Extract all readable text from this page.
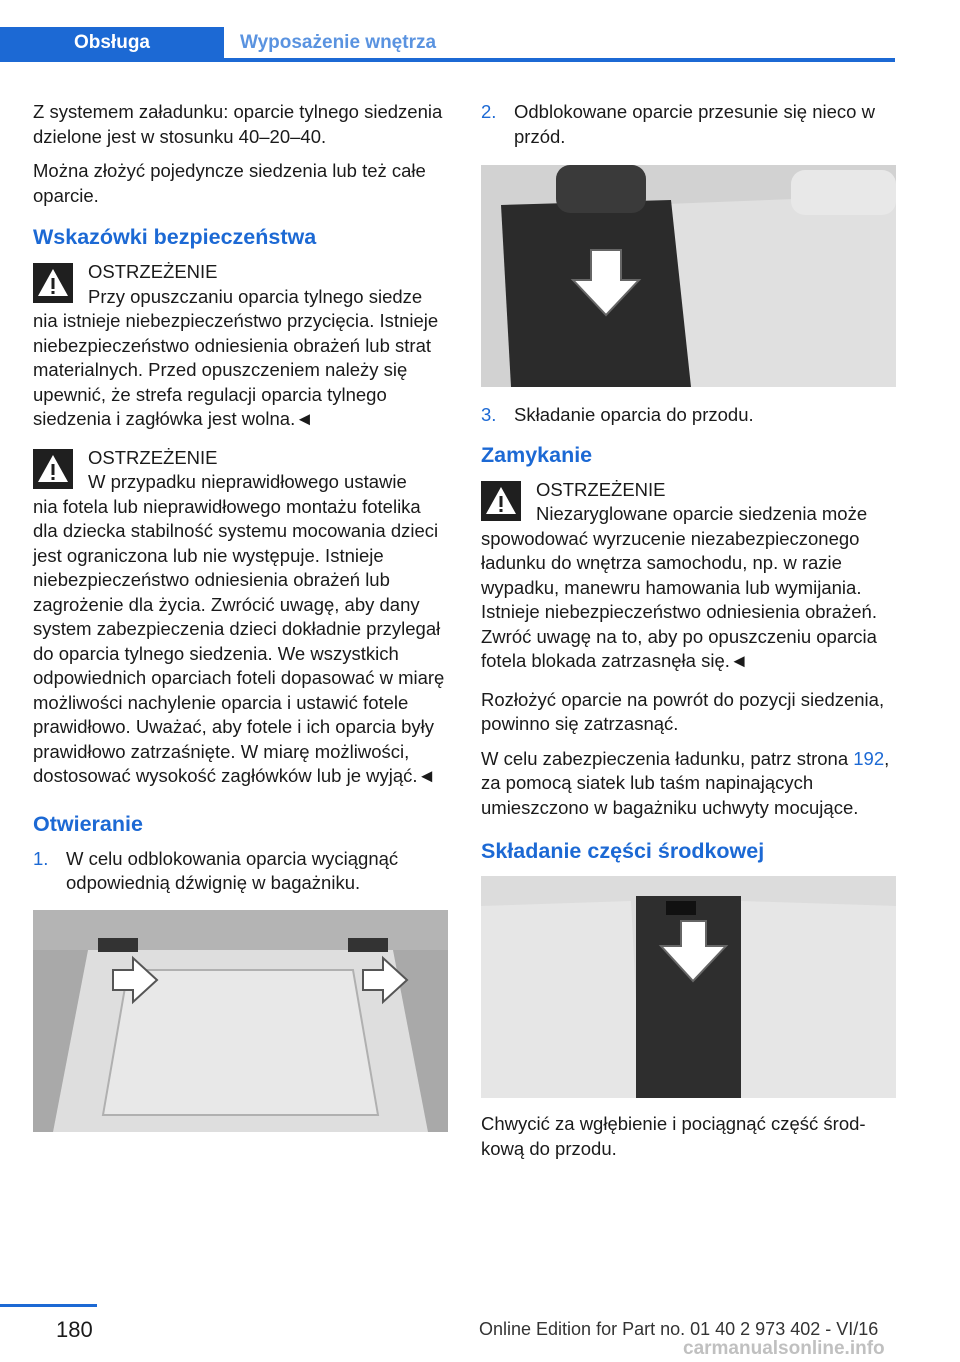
Obsługa	Wyposażenie wnętrza

Z systemem załadunku: oparcie tylnego siedzenia dzielone jest w stosunku 40–20–40.

Można złożyć pojedyncze siedzenia lub też całe oparcie.

Wskazówki bezpieczeństwa
OSTRZEŻENIE
Przy opuszczaniu oparcia tylnego siedze
nia istnieje niebezpieczeństwo przycięcia. Istnieje niebezpieczeństwo odniesienia obrażeń lub strat materialnych. Przed opuszczeniem należy się upewnić, że strefa regulacji oparcia tylnego siedzenia i zagłówka jest wolna.◄
OSTRZEŻENIE
W przypadku nieprawidłowego ustawie
nia fotela lub nieprawidłowego montażu fotelika dla dziecka stabilność systemu mocowania dzieci jest ograniczona lub nie występuje. Istnieje niebezpieczeństwo odniesienia obrażeń lub zagrożenie dla życia. Zwrócić uwagę, aby dany system zabezpieczenia dzieci dokładnie przylegał do oparcia tylnego siedzenia. We wszystkich odpowiednich oparciach foteli dopasować w miarę możliwości nachylenie oparcia i ustawić fotele prawidłowo. Uważać, aby fotele i ich oparcia były prawidłowo zatrzaśnięte. W miarę możliwości, dostosować wysokość zagłówków lub je wyjąć.◄
Otwieranie
1. W celu odblokowania oparcia wyciągnąć odpowiednią dźwignię w bagażniku.
2. Odblokowane oparcie przesunie się nieco w przód.
3. Składanie oparcia do przodu.
Zamykanie
OSTRZEŻENIE
Niezaryglowane oparcie siedzenia może
spowodować wyrzucenie niezabezpieczonego ładunku do wnętrza samochodu, np. w razie wypadku, manewru hamowania lub wymijania. Istnieje niebezpieczeństwo odniesienia obrażeń. Zwróć uwagę na to, aby po opuszczeniu oparcia fotela blokada zatrzasnęła się.◄

Rozłożyć oparcie na powrót do pozycji siedzenia, powinno się zatrzasnąć.

W celu zabezpieczenia ładunku, patrz strona 192, za pomocą siatek lub taśm napinających umieszczono w bagażniku uchwyty mocujące.

Składanie części środkowej

Chwycić za wgłębienie i pociągnąć część środkową do przodu.

180	Online Edition for Part no. 01 40 2 973 402 - VI/16
carmanualsonline.info
